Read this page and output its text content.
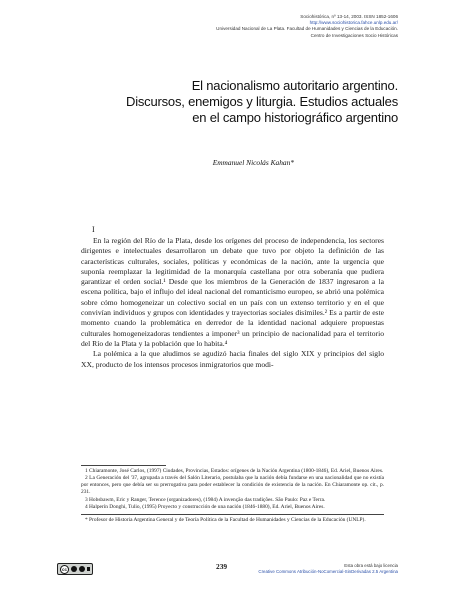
Sociohistórica, nº 13-14, 2003. ISSN 1852-1606
http://www.sociohistorica.fahce.unlp.edu.ar/
Universidad Nacional de La Plata. Facultad de Humanidades y Ciencias de la Educación.
Centro de Investigaciones Socio Históricas
El nacionalismo autoritario argentino.
Discursos, enemigos y liturgia. Estudios actuales
en el campo historiográfico argentino
Emmanuel Nicolás Kahan*
I

En la región del Río de la Plata, desde los orígenes del proceso de independencia, los sectores dirigentes e intelectuales desarrollaron un debate que tuvo por objeto la definición de las características culturales, sociales, políticas y económicas de la nación, ante la urgencia que suponía reemplazar la legitimidad de la monarquía castellana por otra soberanía que pudiera garantizar el orden social.¹ Desde que los miembros de la Generación de 1837 ingresaron a la escena política, bajo el influjo del ideal nacional del romanticismo europeo, se abrió una polémica sobre cómo homogeneizar un colectivo social en un país con un extenso territorio y en el que convivían individuos y grupos con identidades y trayectorias sociales disímiles.² Es a partir de este momento cuando la problemática en derredor de la identidad nacional adquiere propuestas culturales homogeneizadoras tendientes a imponer³ un principio de nacionalidad para el territorio del Río de la Plata y la población que lo habita.⁴

La polémica a la que aludimos se agudizó hacia finales del siglo XIX y principios del siglo XX, producto de los intensos procesos inmigratorios que modi-

1 Chiaramonte, José Carlos, (1997) Ciudades, Provincias, Estados: orígenes de la Nación Argentina (1800-1846), Ed. Ariel, Buenos Aires.

2 La Generación del '37, agrupada a través del Salón Literario, postulaba que la nación debía fundarse en una nacionalidad que no existía por entonces, pero que debía ser su prerrogativa para poder establecer la condición de existencia de la nación. En Chiaramonte op. cit., p. 231.

3 Hobsbawm, Eric y Ranger, Terence (organizadores), (1984) A invenção das tradições. São Paulo: Paz e Terra.

4 Halperín Donghi, Tulio, (1995) Proyecto y construcción de una nación (1846-1880), Ed. Ariel, Buenos Aires.

* Profesor de Historia Argentina General y de Teoría Política de la Facultad de Humanidades y Ciencias de la Educación (UNLP).

cc	239	Esta obra está bajo licencia
Creative Commons Atribución-NoComercial-SinDerivadas 2.5 Argentina
